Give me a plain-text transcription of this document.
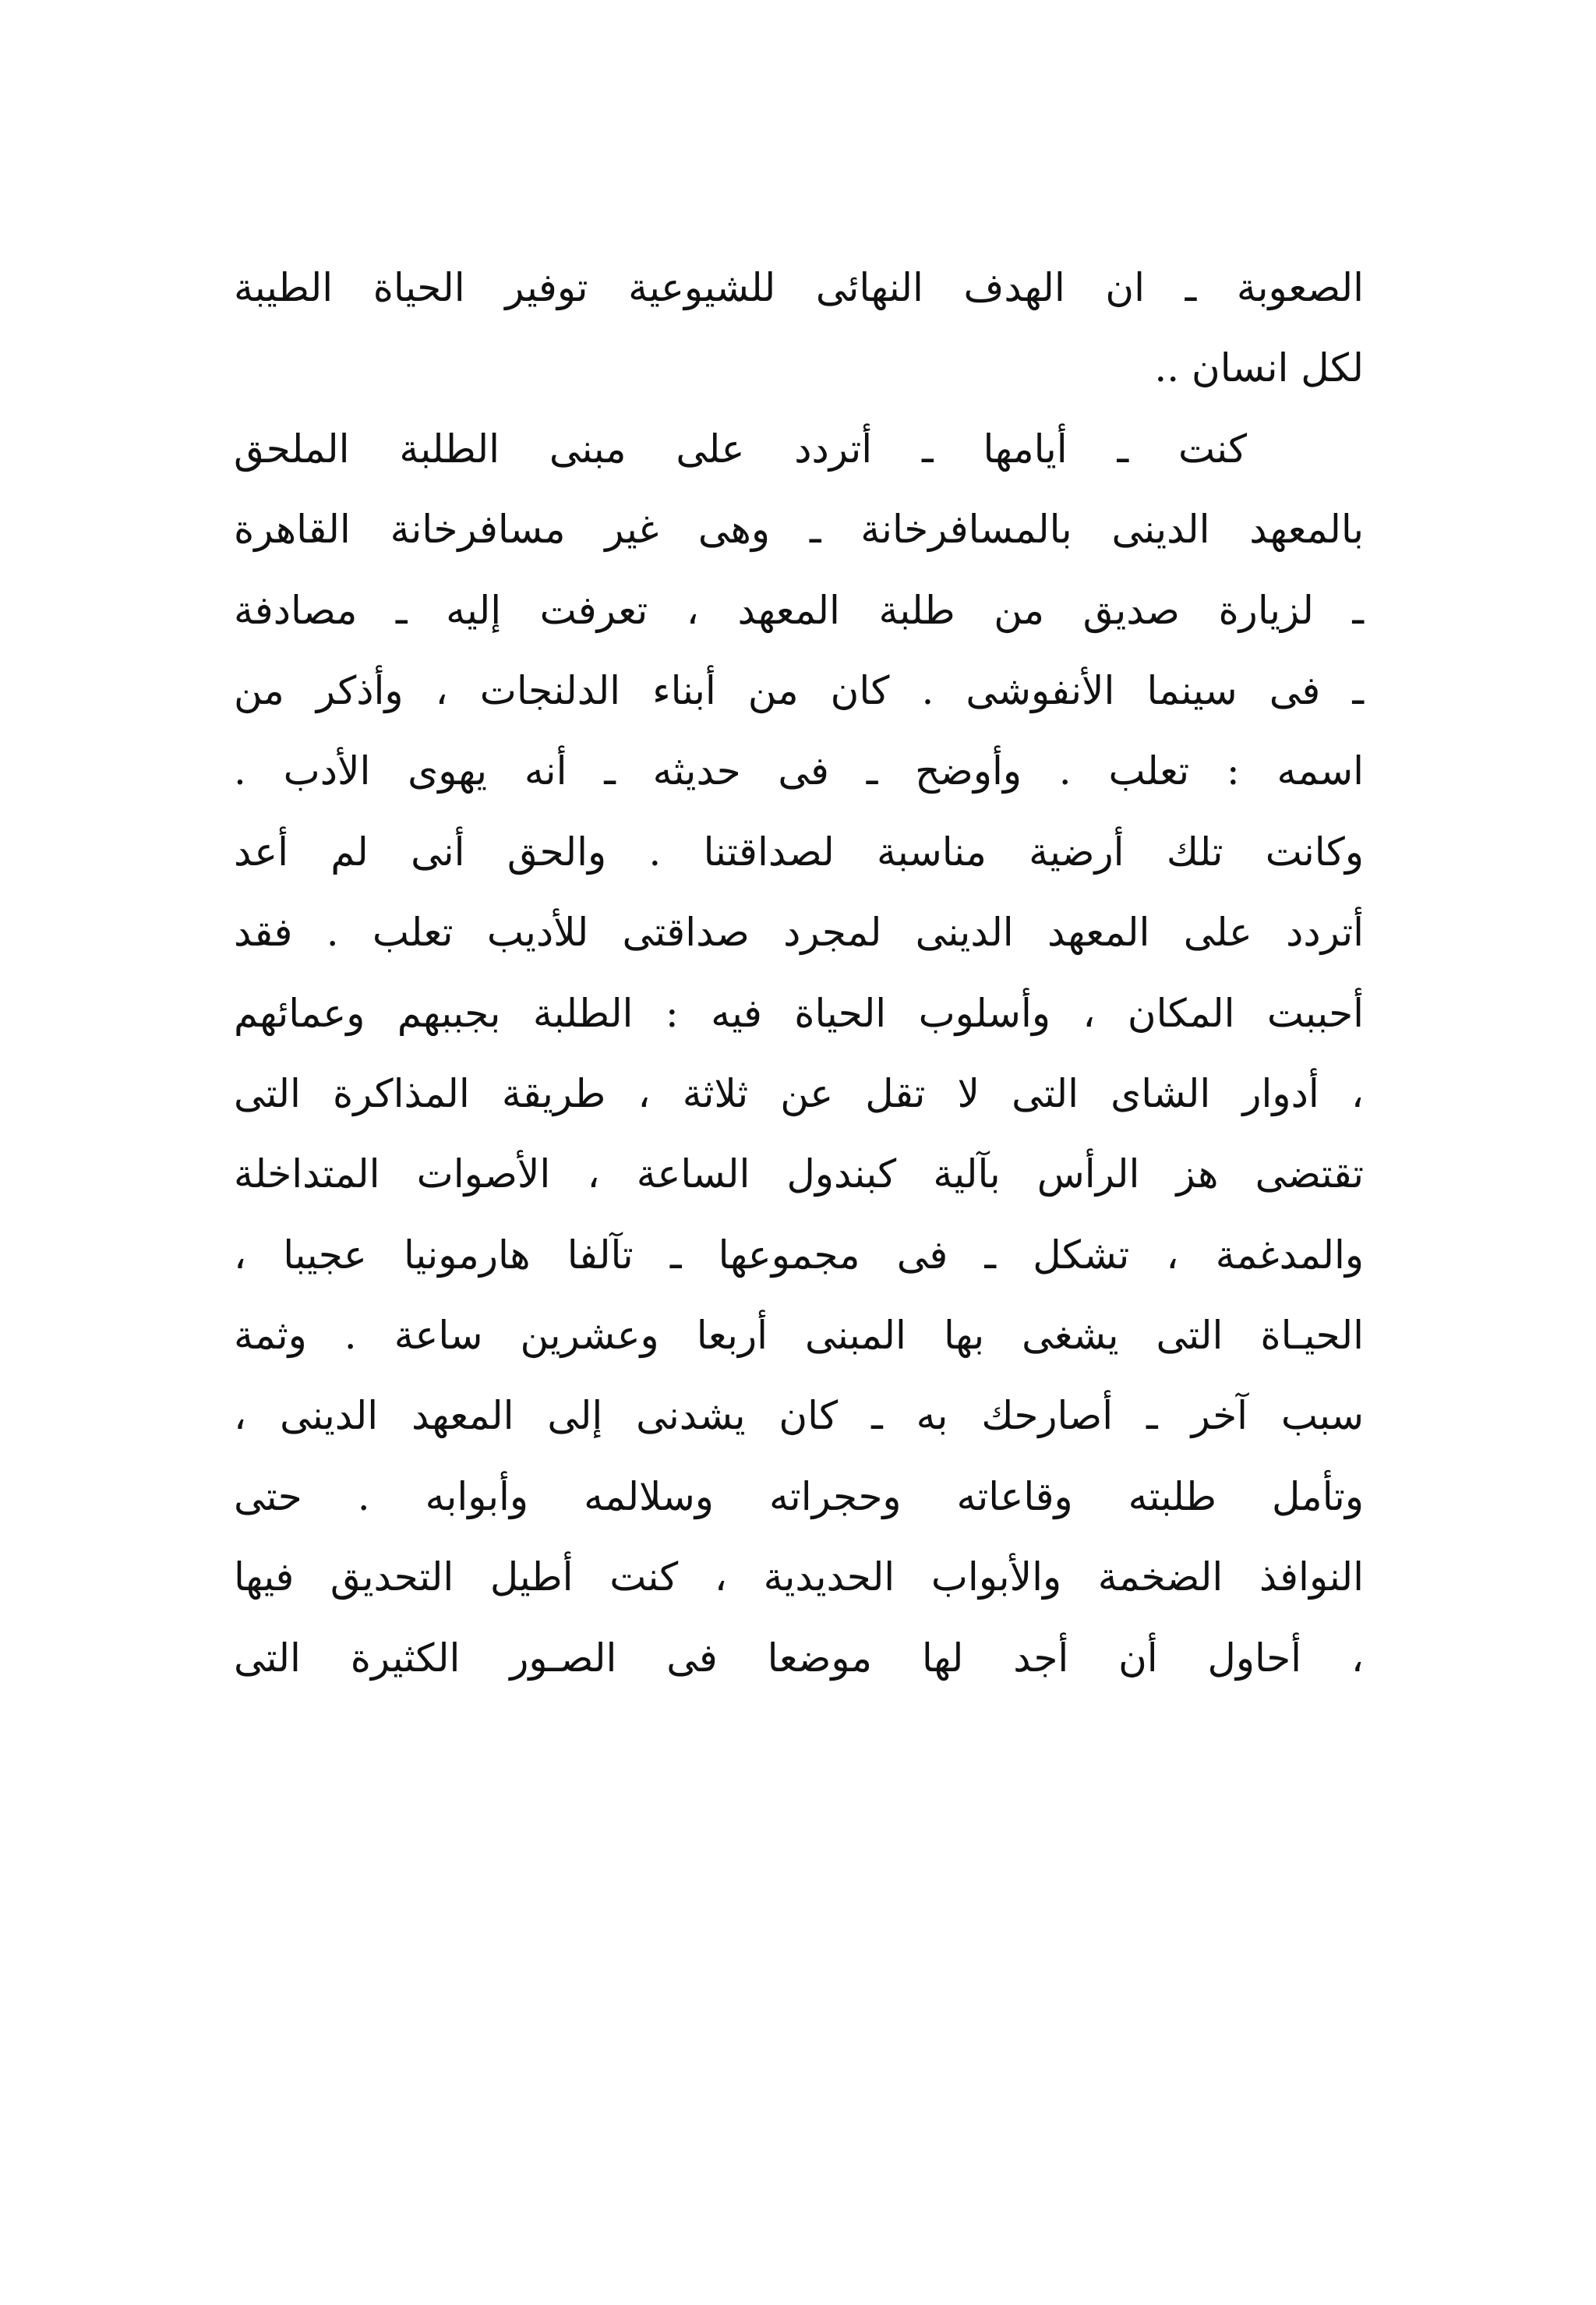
الصعوبة ـ ان الهدف النهائى للشيوعية توفير الحياة الطيبة
لكل انسان ..
كنت ـ أيامها ـ أتردد على مبنى الطلبة الملحق
بالمعهد الدينى بالمسافرخانة ـ وهى غير مسافرخانة القاهرة
ـ لزيارة صديق من طلبة المعهد ، تعرفت إليه ـ مصادفة
ـ فى سينما الأنفوشى . كان من أبناء الدلنجات ، وأذكر من
اسمه : تعلب . وأوضح ـ فى حديثه ـ أنه يهوى الأدب .
وكانت تلك أرضية مناسبة لصداقتنا . والحق أنى لم أعد
أتردد على المعهد الدينى لمجرد صداقتى للأديب تعلب . فقد
أحببت المكان ، وأسلوب الحياة فيه : الطلبة بجببهم وعمائهم
، أدوار الشاى التى لا تقل عن ثلاثة ، طريقة المذاكرة التى
تقتضى هز الرأس بآلية كبندول الساعة ، الأصوات المتداخلة
والمدغمة ، تشكل ـ فى مجموعها ـ تآلفا هارمونيا عجيبا ،
الحيـاة التى يشغى بها المبنى أربعا وعشرين ساعة . وثمة
سبب آخر ـ أصارحك به ـ كان يشدنى إلى المعهد الدينى ،
وتأمل طلبته وقاعاته وحجراته وسلالمه وأبوابه . حتى
النوافذ الضخمة والأبواب الحديدية ، كنت أطيل التحديق فيها
، أحاول أن أجد لها موضعا فى الصـور الكثيرة التى
